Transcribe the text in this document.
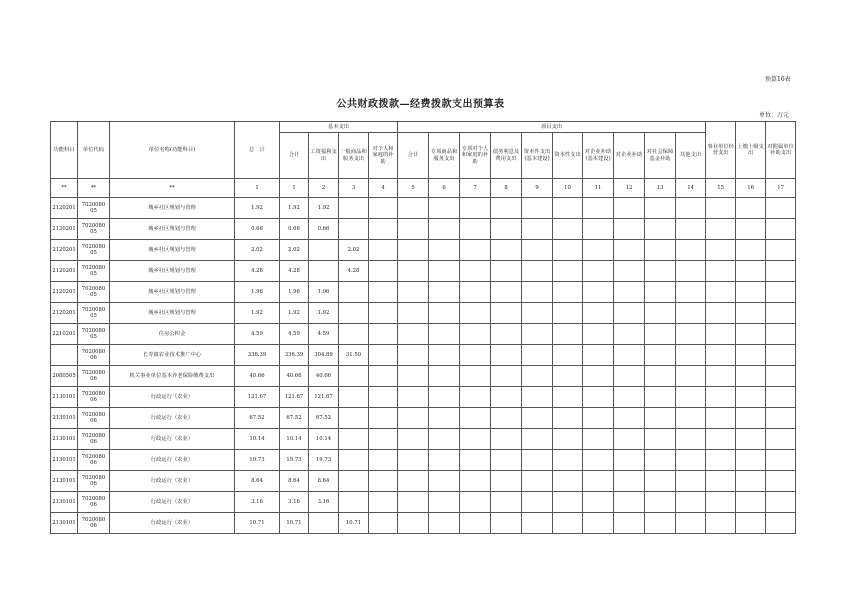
预算16表
公共财政拨款—经费拨款支出预算表
单位：万元
功能科目	单位代码	单位名称(功能科目)	总　计	基本支出				项目支出										事业单位经营支出	上缴上级支出	对附属单位补助支出
				合计	工资福利支出	一般商品和服务支出	对个人和家庭的补助	合计	专项商品和服务支出	专项对个人和家庭的补助	债务利息及费用支出	资本性支出(基本建设)	资本性支出	对企业补助(基本建设)	对企业补助	对社会保障基金补助	其他支出			
**	**	**	1	1	2	3	4	5	6	7	8	9	10	11	12	13	14	15	16	17
2120201	7020080 05	城乡社区规划与管理	1.92	1.92	1.92															
2120201	7020080 05	城乡社区规划与管理	0.66	0.66	0.66															
2120201	7020080 05	城乡社区规划与管理	2.02	2.02		2.02														
2120201	7020080 05	城乡社区规划与管理	4.28	4.28		4.28														
2120201	7020080 05	城乡社区规划与管理	1.96	1.96	1.96															
2120201	7020080 05	城乡社区规划与管理	1.92	1.92	1.92															
2210201	7020080 05	住房公积金	4.59	4.59	4.59															
	7020080 06	长寿镇农业技术推广中心	336.39	336.39	304.89	31.50														
2080505	7020080 06	机关事业单位基本养老保险缴费支出	40.66	40.66	40.66															
2130101	7020080 06	行政运行（农业）	121.67	121.67	121.67															
2130101	7020080 06	行政运行（农业）	67.52	67.52	67.52															
2130101	7020080 06	行政运行（农业）	10.14	10.14	10.14															
2130101	7020080 06	行政运行（农业）	19.73	19.73	19.73															
2130101	7020080 06	行政运行（农业）	8.64	8.64	8.64															
2130101	7020080 06	行政运行（农业）	3.16	3.16	3.16															
2130101	7020080 06	行政运行（农业）	10.71	10.71		10.71														
